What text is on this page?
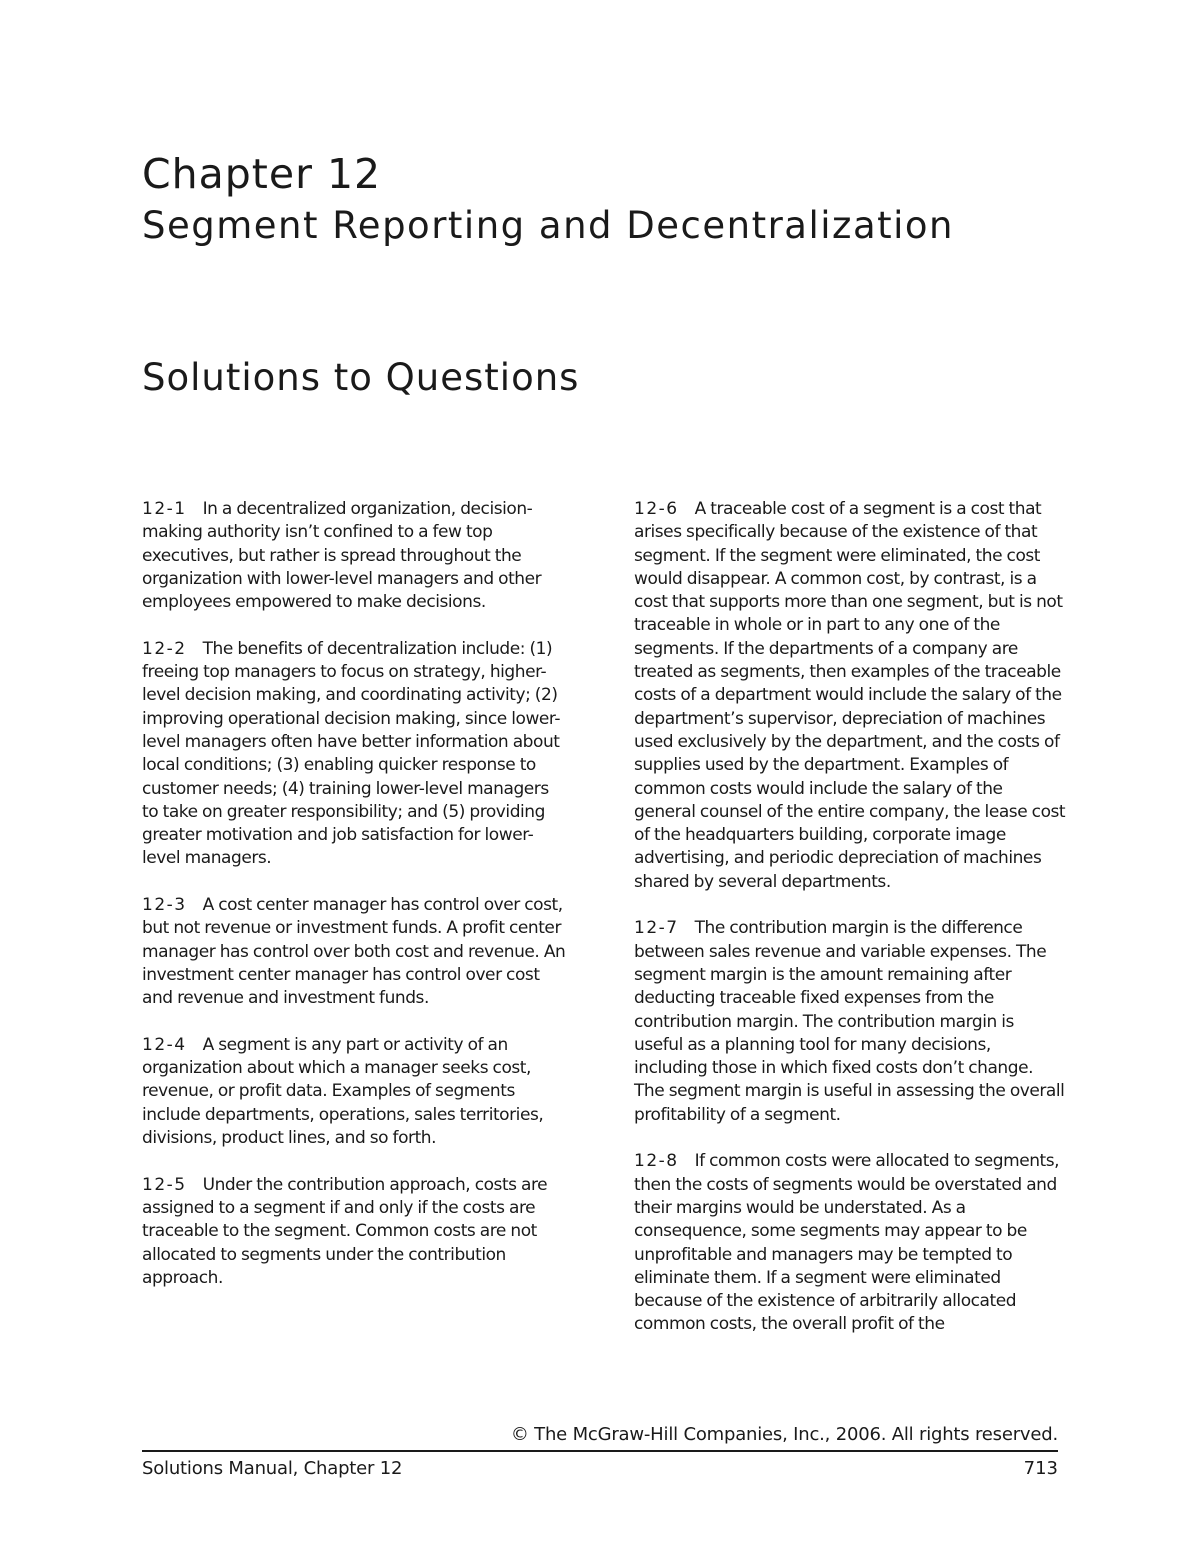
Chapter 12
Segment Reporting and Decentralization
Solutions to Questions

12-1 In a decentralized organization, decision-making authority isn’t confined to a few top executives, but rather is spread throughout the organization with lower-level managers and other employees empowered to make decisions.

12-2 The benefits of decentralization include: (1) freeing top managers to focus on strategy, higher-level decision making, and coordinating activity; (2) improving operational decision making, since lower-level managers often have better information about local conditions; (3) enabling quicker response to customer needs; (4) training lower-level managers to take on greater responsibility; and (5) providing greater motivation and job satisfaction for lower-level managers.

12-3 A cost center manager has control over cost, but not revenue or investment funds. A profit center manager has control over both cost and revenue. An investment center manager has control over cost and revenue and investment funds.

12-4 A segment is any part or activity of an organization about which a manager seeks cost, revenue, or profit data. Examples of segments include departments, operations, sales territories, divisions, product lines, and so forth.

12-5 Under the contribution approach, costs are assigned to a segment if and only if the costs are traceable to the segment. Common costs are not allocated to segments under the contribution approach.

12-6 A traceable cost of a segment is a cost that arises specifically because of the existence of that segment. If the segment were eliminated, the cost would disappear. A common cost, by contrast, is a cost that supports more than one segment, but is not traceable in whole or in part to any one of the segments. If the departments of a company are treated as segments, then examples of the traceable costs of a department would include the salary of the department’s supervisor, depreciation of machines used exclusively by the department, and the costs of supplies used by the department. Examples of common costs would include the salary of the general counsel of the entire company, the lease cost of the headquarters building, corporate image advertising, and periodic depreciation of machines shared by several departments.

12-7 The contribution margin is the difference between sales revenue and variable expenses. The segment margin is the amount remaining after deducting traceable fixed expenses from the contribution margin. The contribution margin is useful as a planning tool for many decisions, including those in which fixed costs don’t change. The segment margin is useful in assessing the overall profitability of a segment.

12-8 If common costs were allocated to segments, then the costs of segments would be overstated and their margins would be understated. As a consequence, some segments may appear to be unprofitable and managers may be tempted to eliminate them. If a segment were eliminated because of the existence of arbitrarily allocated common costs, the overall profit of the

© The McGraw-Hill Companies, Inc., 2006. All rights reserved.
Solutions Manual, Chapter 12	713
